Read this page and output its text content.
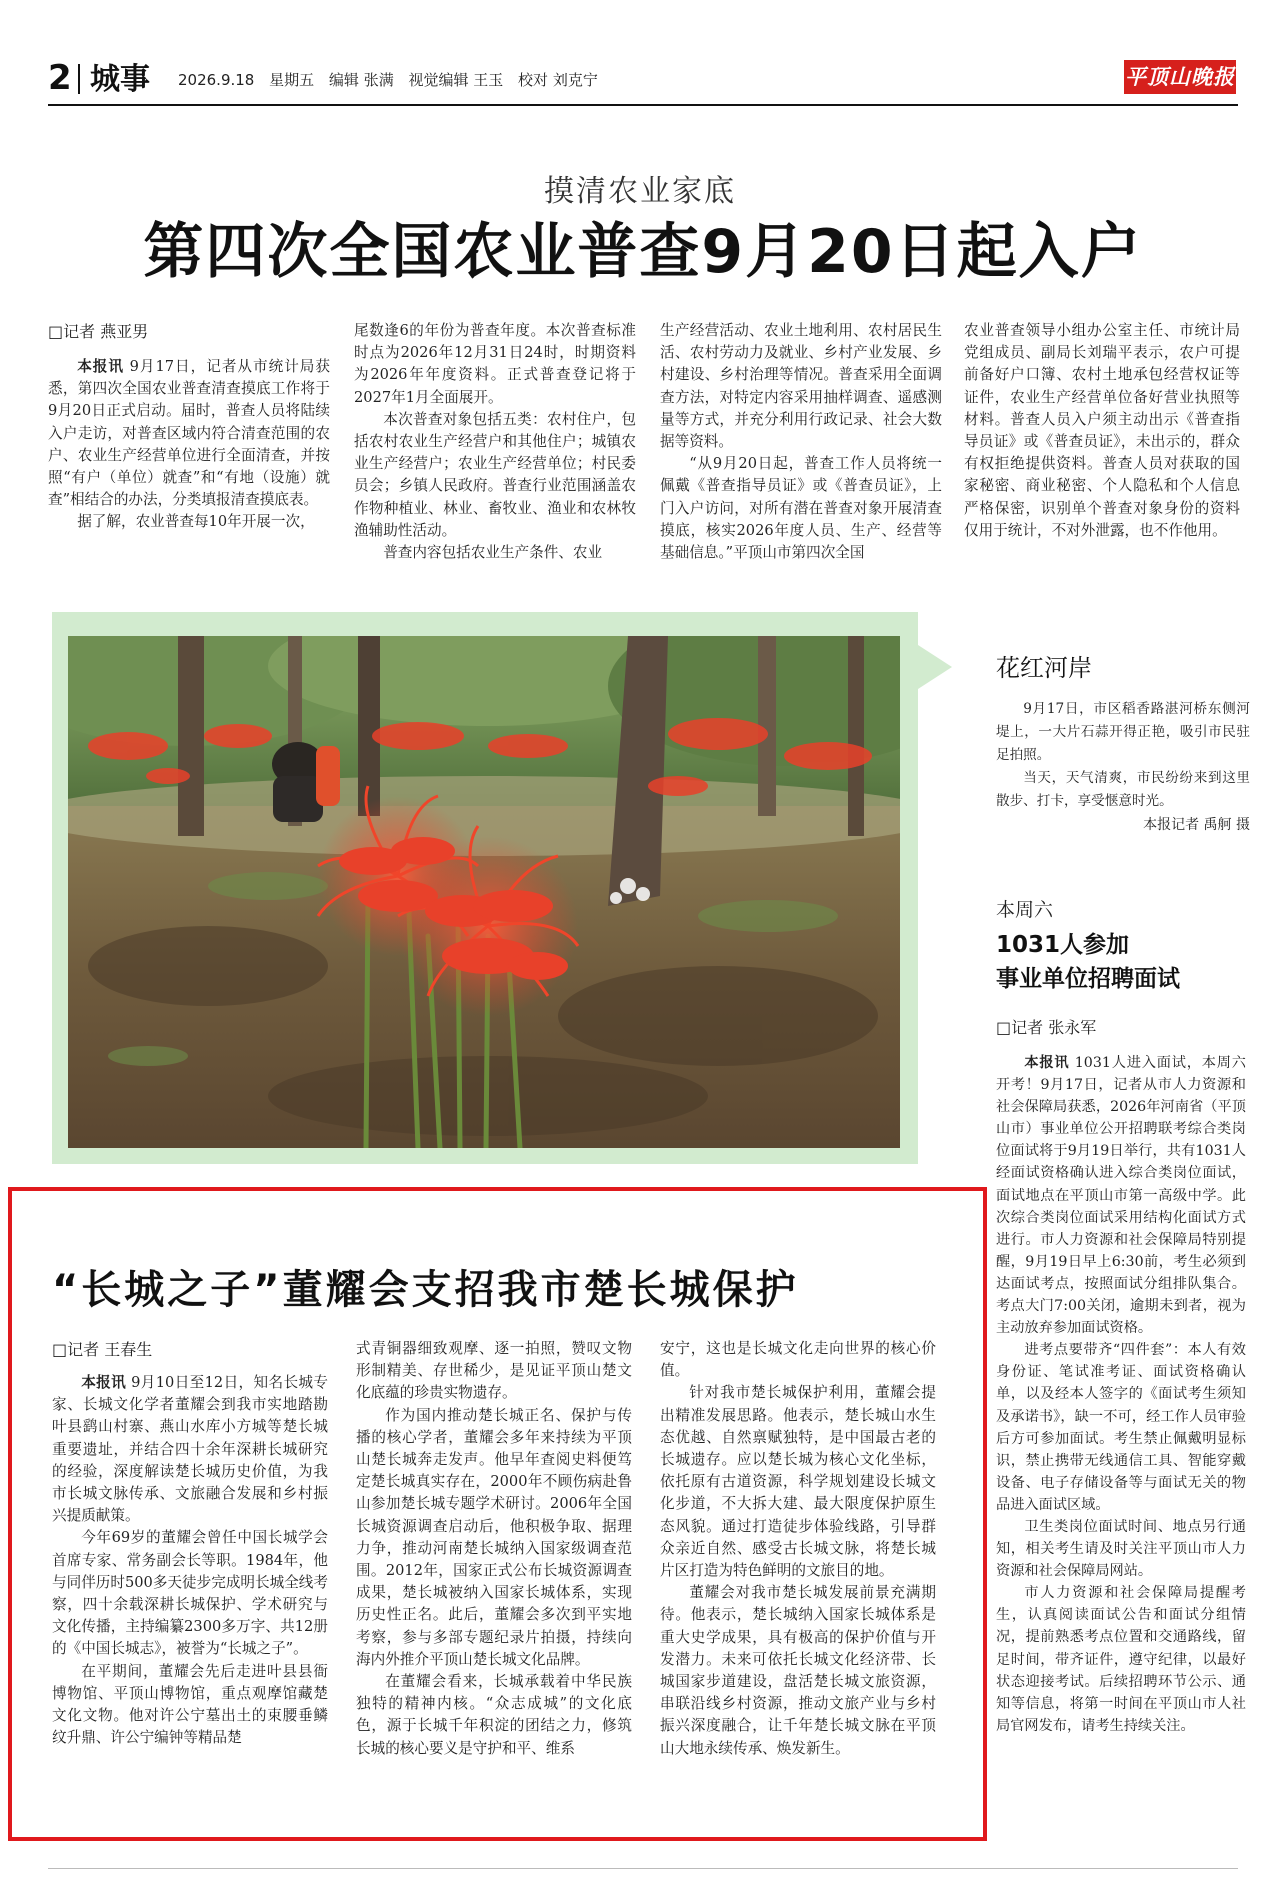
2 城事 2026.9.18 星期五 编辑 张满 视觉编辑 王玉 校对 刘克宁	平顶山晚报
摸清农业家底
第四次全国农业普查9月20日起入户
□记者 燕亚男

本报讯 9月17日，记者从市统计局获悉，第四次全国农业普查清查摸底工作将于9月20日正式启动。届时，普查人员将陆续入户走访，对普查区域内符合清查范围的农户、农业生产经营单位进行全面清查，并按照“有户（单位）就查”和“有地（设施）就查”相结合的办法，分类填报清查摸底表。

据了解，农业普查每10年开展一次，

尾数逢6的年份为普查年度。本次普查标准时点为2026年12月31日24时，时期资料为2026年年度资料。正式普查登记将于2027年1月全面展开。

本次普查对象包括五类：农村住户，包括农村农业生产经营户和其他住户；城镇农业生产经营户；农业生产经营单位；村民委员会；乡镇人民政府。普查行业范围涵盖农作物种植业、林业、畜牧业、渔业和农林牧渔辅助性活动。

普查内容包括农业生产条件、农业

生产经营活动、农业土地利用、农村居民生活、农村劳动力及就业、乡村产业发展、乡村建设、乡村治理等情况。普查采用全面调查方法，对特定内容采用抽样调查、遥感测量等方式，并充分利用行政记录、社会大数据等资料。

“从9月20日起，普查工作人员将统一佩戴《普查指导员证》或《普查员证》，上门入户访问，对所有潜在普查对象开展清查摸底，核实2026年度人员、生产、经营等基础信息。”平顶山市第四次全国

农业普查领导小组办公室主任、市统计局党组成员、副局长刘瑞平表示，农户可提前备好户口簿、农村土地承包经营权证等证件，农业生产经营单位备好营业执照等材料。普查人员入户须主动出示《普查指导员证》或《普查员证》，未出示的，群众有权拒绝提供资料。普查人员对获取的国家秘密、商业秘密、个人隐私和个人信息严格保密，识别单个普查对象身份的资料仅用于统计，不对外泄露，也不作他用。

花红河岸

9月17日，市区稻香路湛河桥东侧河堤上，一大片石蒜开得正艳，吸引市民驻足拍照。

当天，天气清爽，市民纷纷来到这里散步、打卡，享受惬意时光。

本报记者 禹舸 摄
本周六
1031人参加
事业单位招聘面试
□记者 张永军

本报讯 1031人进入面试，本周六开考！9月17日，记者从市人力资源和社会保障局获悉，2026年河南省（平顶山市）事业单位公开招聘联考综合类岗位面试将于9月19日举行，共有1031人经面试资格确认进入综合类岗位面试，面试地点在平顶山市第一高级中学。此次综合类岗位面试采用结构化面试方式进行。市人力资源和社会保障局特别提醒，9月19日早上6:30前，考生必须到达面试考点，按照面试分组排队集合。考点大门7:00关闭，逾期未到者，视为主动放弃参加面试资格。

进考点要带齐“四件套”：本人有效身份证、笔试准考证、面试资格确认单，以及经本人签字的《面试考生须知及承诺书》，缺一不可，经工作人员审验后方可参加面试。考生禁止佩戴明显标识，禁止携带无线通信工具、智能穿戴设备、电子存储设备等与面试无关的物品进入面试区域。

卫生类岗位面试时间、地点另行通知，相关考生请及时关注平顶山市人力资源和社会保障局网站。

市人力资源和社会保障局提醒考生，认真阅读面试公告和面试分组情况，提前熟悉考点位置和交通路线，留足时间，带齐证件，遵守纪律，以最好状态迎接考试。后续招聘环节公示、通知等信息，将第一时间在平顶山市人社局官网发布，请考生持续关注。

“长城之子”董耀会支招我市楚长城保护
□记者 王春生

本报讯 9月10日至12日，知名长城专家、长城文化学者董耀会到我市实地踏勘叶县鹞山村寨、燕山水库小方城等楚长城重要遗址，并结合四十余年深耕长城研究的经验，深度解读楚长城历史价值，为我市长城文脉传承、文旅融合发展和乡村振兴提质献策。

今年69岁的董耀会曾任中国长城学会首席专家、常务副会长等职。1984年，他与同伴历时500多天徒步完成明长城全线考察，四十余载深耕长城保护、学术研究与文化传播，主持编纂2300多万字、共12册的《中国长城志》，被誉为“长城之子”。

在平期间，董耀会先后走进叶县县衙博物馆、平顶山博物馆，重点观摩馆藏楚文化文物。他对许公宁墓出土的束腰垂鳞纹升鼎、许公宁编钟等精品楚

式青铜器细致观摩、逐一拍照，赞叹文物形制精美、存世稀少，是见证平顶山楚文化底蕴的珍贵实物遗存。

作为国内推动楚长城正名、保护与传播的核心学者，董耀会多年来持续为平顶山楚长城奔走发声。他早年查阅史料便笃定楚长城真实存在，2000年不顾伤病赴鲁山参加楚长城专题学术研讨。2006年全国长城资源调查启动后，他积极争取、据理力争，推动河南楚长城纳入国家级调查范围。2012年，国家正式公布长城资源调查成果，楚长城被纳入国家长城体系，实现历史性正名。此后，董耀会多次到平实地考察，参与多部专题纪录片拍摄，持续向海内外推介平顶山楚长城文化品牌。

在董耀会看来，长城承载着中华民族独特的精神内核。“众志成城”的文化底色，源于长城千年积淀的团结之力，修筑长城的核心要义是守护和平、维系

安宁，这也是长城文化走向世界的核心价值。

针对我市楚长城保护利用，董耀会提出精准发展思路。他表示，楚长城山水生态优越、自然禀赋独特，是中国最古老的长城遗存。应以楚长城为核心文化坐标，依托原有古道资源，科学规划建设长城文化步道，不大拆大建、最大限度保护原生态风貌。通过打造徒步体验线路，引导群众亲近自然、感受古长城文脉，将楚长城片区打造为特色鲜明的文旅目的地。

董耀会对我市楚长城发展前景充满期待。他表示，楚长城纳入国家长城体系是重大史学成果，具有极高的保护价值与开发潜力。未来可依托长城文化经济带、长城国家步道建设，盘活楚长城文旅资源，串联沿线乡村资源，推动文旅产业与乡村振兴深度融合，让千年楚长城文脉在平顶山大地永续传承、焕发新生。
